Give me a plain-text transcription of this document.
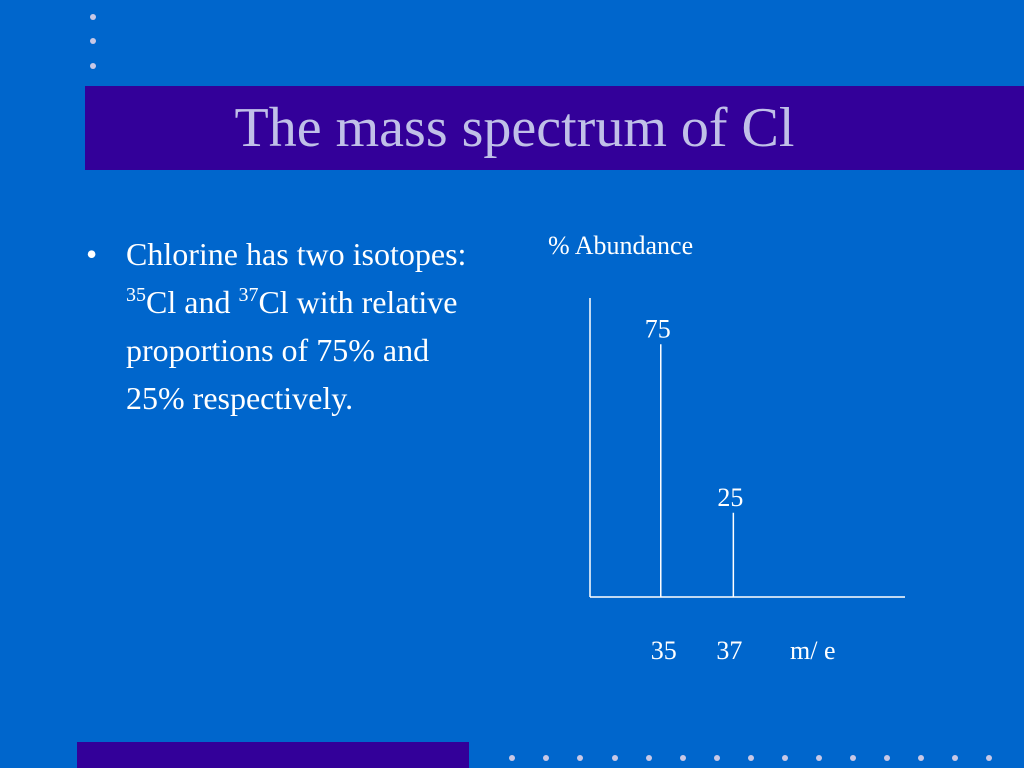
The mass spectrum of Cl
• Chlorine has two isotopes: $^{35}$Cl and $^{37}$Cl with relative proportions of 75% and 25% respectively.
% Abundance
m/ e
75
35
25
37
